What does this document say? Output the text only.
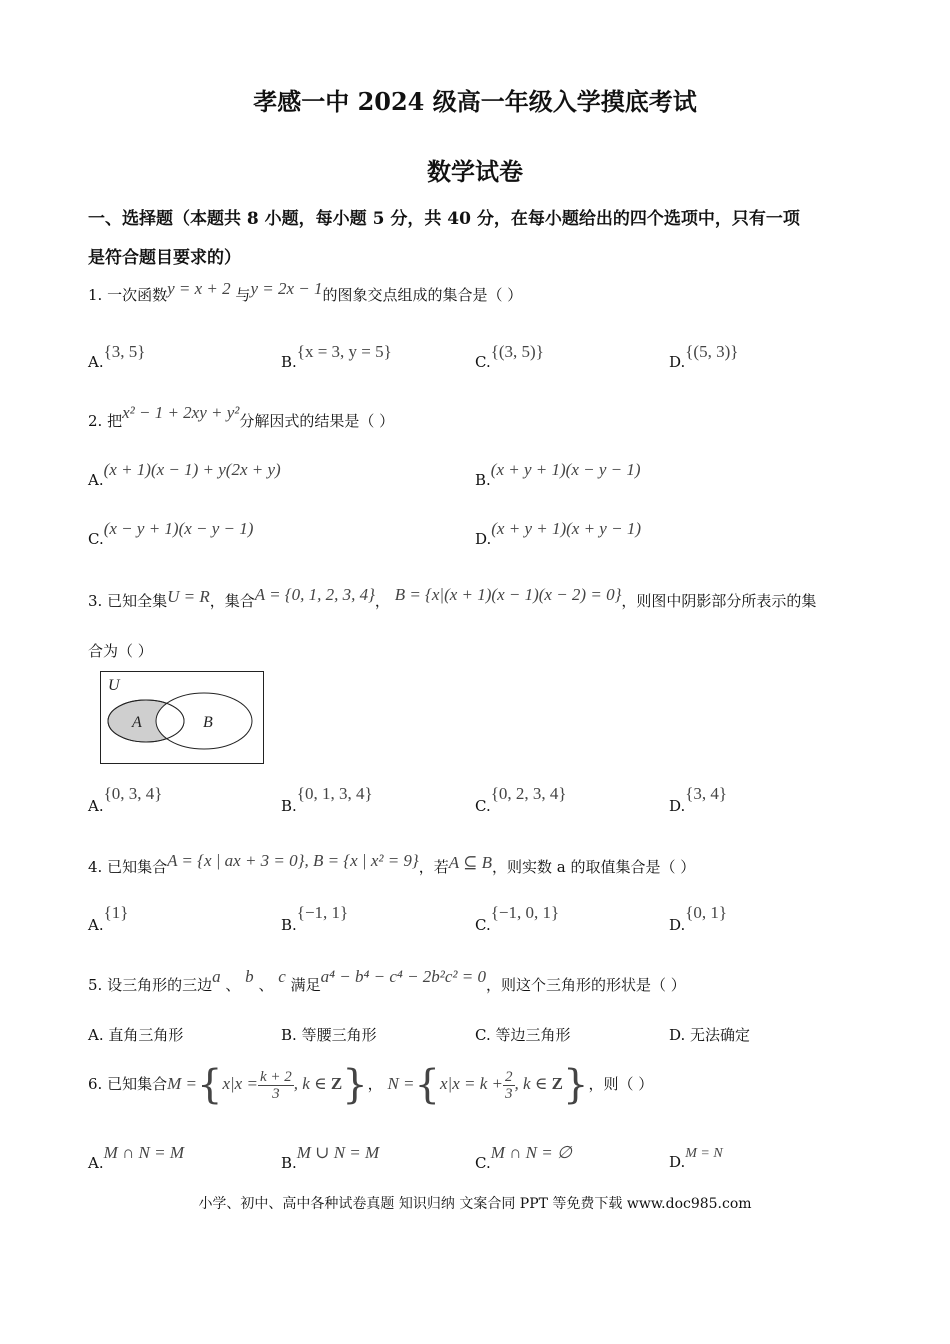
孝感一中 2024 级高一年级入学摸底考试
数学试卷
一、选择题（本题共 8 小题，每小题 5 分，共 40 分，在每小题给出的四个选项中，只有一项
是符合题目要求的）
1. 一次函数y = x + 2 与y = 2x − 1的图象交点组成的集合是（ ）
A.{3, 5}
B.{x = 3, y = 5}
C.{(3, 5)}
D.{(5, 3)}
2. 把x² − 1 + 2xy + y²分解因式的结果是（ ）
A.(x + 1)(x − 1) + y(2x + y)
B.(x + y + 1)(x − y − 1)
C.(x − y + 1)(x − y − 1)
D.(x + y + 1)(x + y − 1)
3. 已知全集U = R，集合A = {0, 1, 2, 3, 4}， B = {x|(x + 1)(x − 1)(x − 2) = 0}，则图中阴影部分所表示的集
合为（ ）
U
A	B
A.{0, 3, 4}
B.{0, 1, 3, 4}
C.{0, 2, 3, 4}
D.{3, 4}
4. 已知集合A = {x | ax + 3 = 0}, B = {x | x² = 9}，若A ⊆ B，则实数 a 的取值集合是（ ）
A.{1}
B.{−1, 1}
C.{−1, 0, 1}
D.{0, 1}
5. 设三角形的三边a 、 b 、 c 满足a⁴ − b⁴ − c⁴ − 2b²c² = 0，则这个三角形的形状是（ ）
A. 直角三角形	B. 等腰三角形	C. 等边三角形	D. 无法确定
6. 已知集合$M =\{x|x = \frac{k + 2}{3}$ , k ∈ Z}， $N =\{x|x = k + \frac{2}{3}$ , k ∈ Z}，则（ ）
A.M ∩ N = M
B.M ∪ N = M
C.M ∩ N = ∅	D.M = N
小学、初中、高中各种试卷真题 知识归纳 文案合同 PPT 等免费下载 www.doc985.com
